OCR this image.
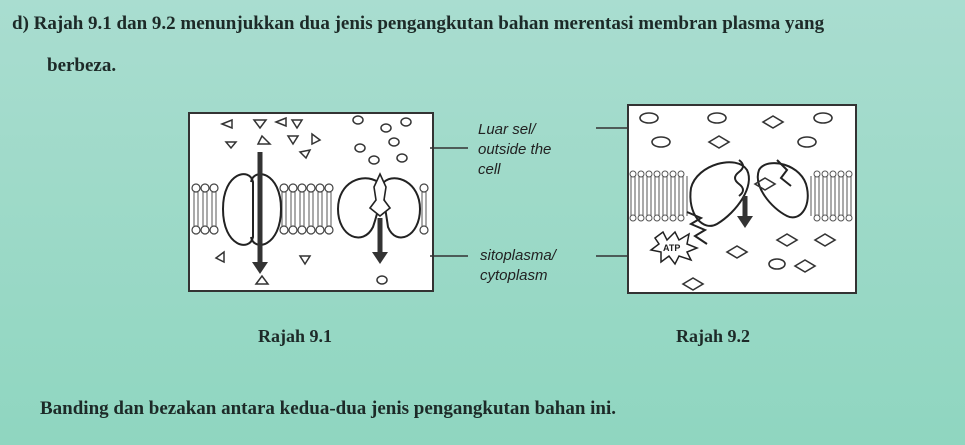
d) Rajah 9.1 dan 9.2 menunjukkan dua jenis pengangkutan bahan merentasi membran plasma yang
berbeza.
Luar sel/
outside the
cell
sitoplasma/
cytoplasm
ATP
Rajah 9.1	Rajah 9.2
Banding dan bezakan antara kedua-dua jenis pengangkutan bahan ini.
